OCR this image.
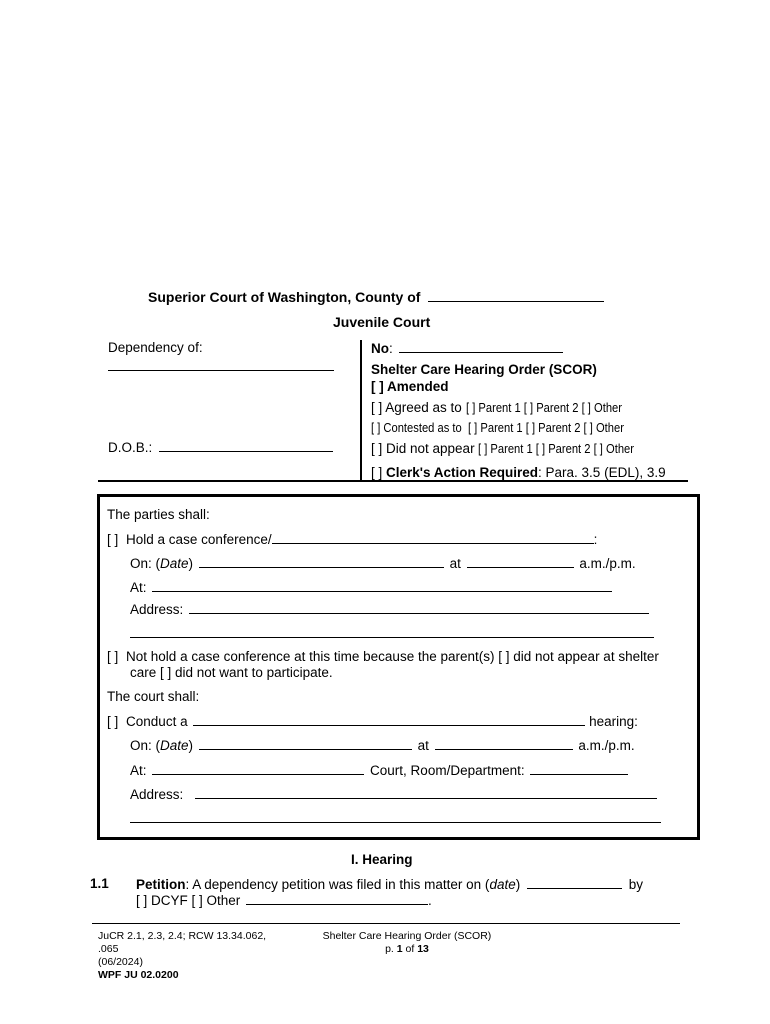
Superior Court of Washington, County of
Juvenile Court
Dependency of:
D.O.B.:
No:
Shelter Care Hearing Order (SCOR)
[ ] Amended
[ ] Agreed as to [ ] Parent 1 [ ] Parent 2 [ ] Other
[ ] Contested as to [ ] Parent 1 [ ] Parent 2 [ ] Other
[ ] Did not appear [ ] Parent 1 [ ] Parent 2 [ ] Other
[ ] Clerk's Action Required: Para. 3.5 (EDL), 3.9
The parties shall:
[ ] Hold a case conference/	:
On: (Date)	at	a.m./p.m.
At:
Address:
[ ] Not hold a case conference at this time because the parent(s) [ ] did not appear at shelter
care [ ] did not want to participate.
The court shall:
[ ] Conduct a	hearing:
On: (Date)	at	a.m./p.m.
At:	Court, Room/Department:
Address:
I. Hearing
1.1 Petition: A dependency petition was filed in this matter on (date)	by
[ ] DCYF [ ] Other	.
JuCR 2.1, 2.3, 2.4; RCW 13.34.062,
.065
(06/2024)
WPF JU 02.0200
Shelter Care Hearing Order (SCOR)
p. 1 of 13
